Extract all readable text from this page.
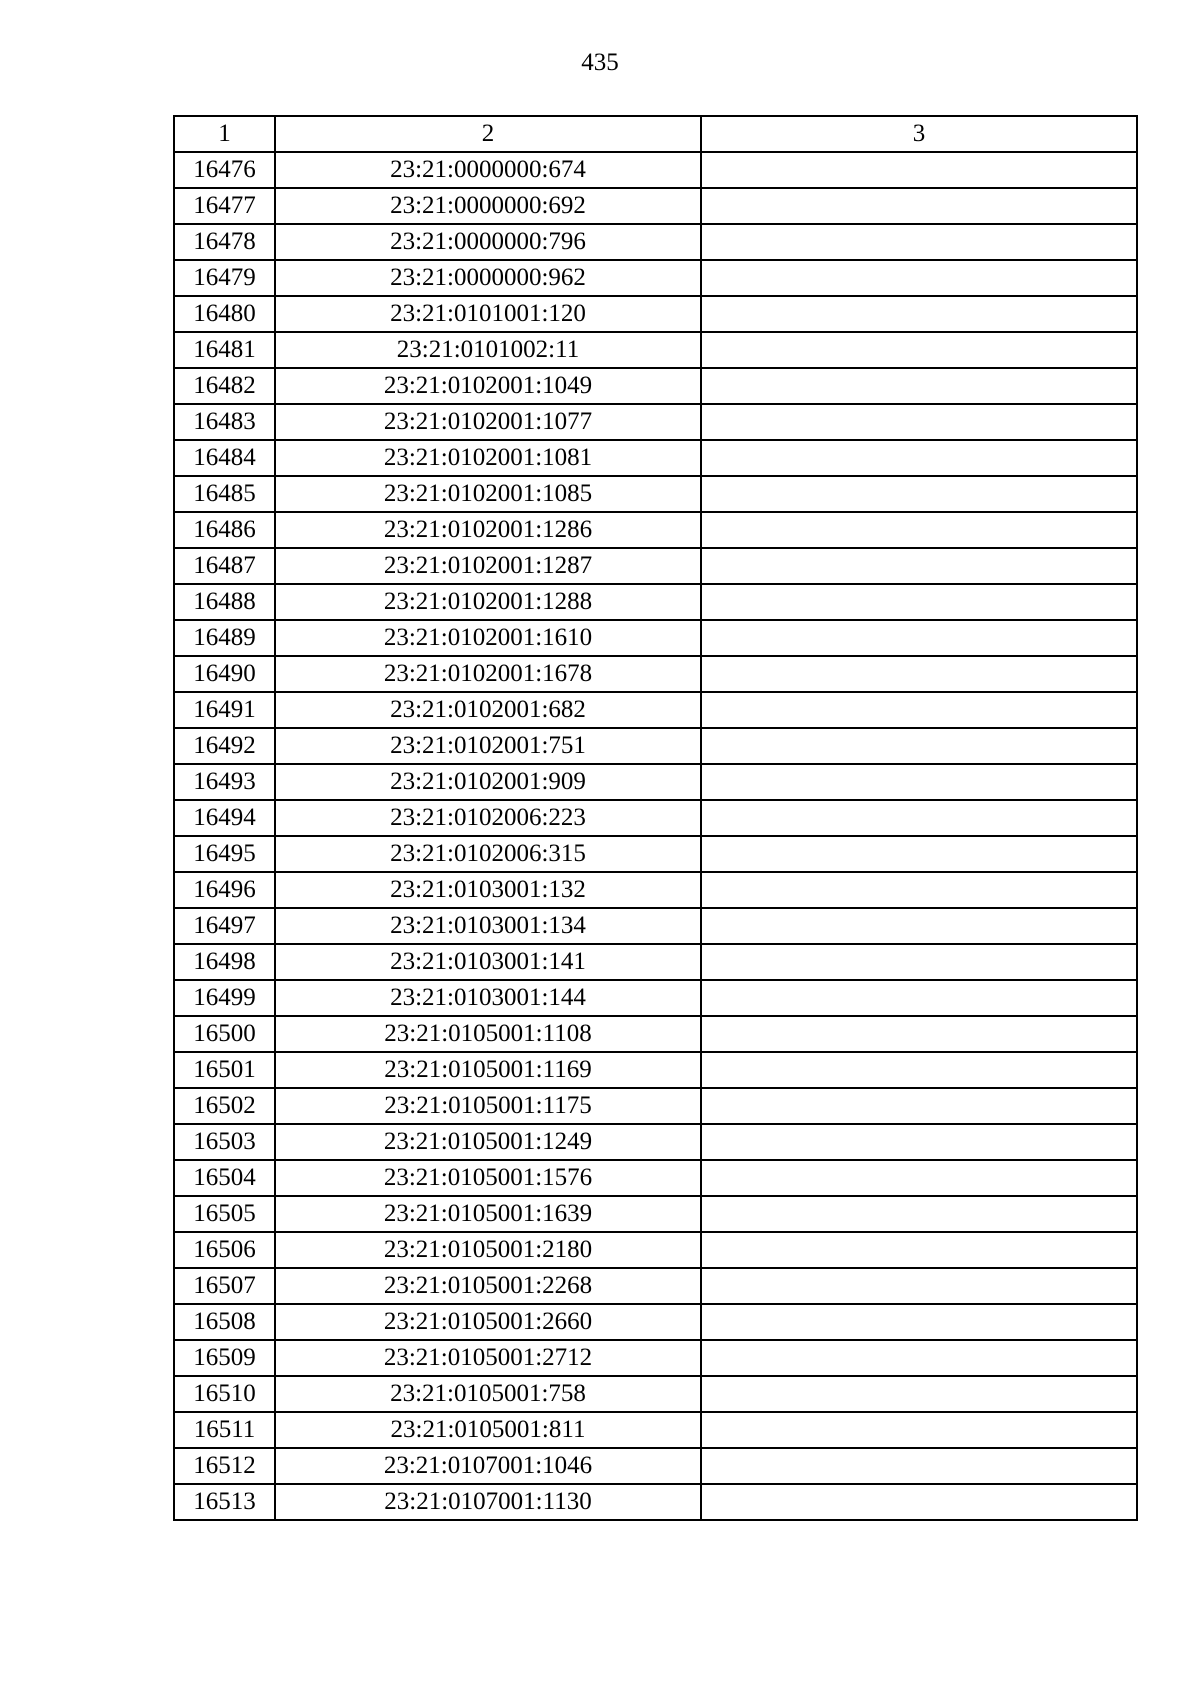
435
1	2	3
16476	23:21:0000000:674	
16477	23:21:0000000:692	
16478	23:21:0000000:796	
16479	23:21:0000000:962	
16480	23:21:0101001:120	
16481	23:21:0101002:11	
16482	23:21:0102001:1049	
16483	23:21:0102001:1077	
16484	23:21:0102001:1081	
16485	23:21:0102001:1085	
16486	23:21:0102001:1286	
16487	23:21:0102001:1287	
16488	23:21:0102001:1288	
16489	23:21:0102001:1610	
16490	23:21:0102001:1678	
16491	23:21:0102001:682	
16492	23:21:0102001:751	
16493	23:21:0102001:909	
16494	23:21:0102006:223	
16495	23:21:0102006:315	
16496	23:21:0103001:132	
16497	23:21:0103001:134	
16498	23:21:0103001:141	
16499	23:21:0103001:144	
16500	23:21:0105001:1108	
16501	23:21:0105001:1169	
16502	23:21:0105001:1175	
16503	23:21:0105001:1249	
16504	23:21:0105001:1576	
16505	23:21:0105001:1639	
16506	23:21:0105001:2180	
16507	23:21:0105001:2268	
16508	23:21:0105001:2660	
16509	23:21:0105001:2712	
16510	23:21:0105001:758	
16511	23:21:0105001:811	
16512	23:21:0107001:1046	
16513	23:21:0107001:1130	
